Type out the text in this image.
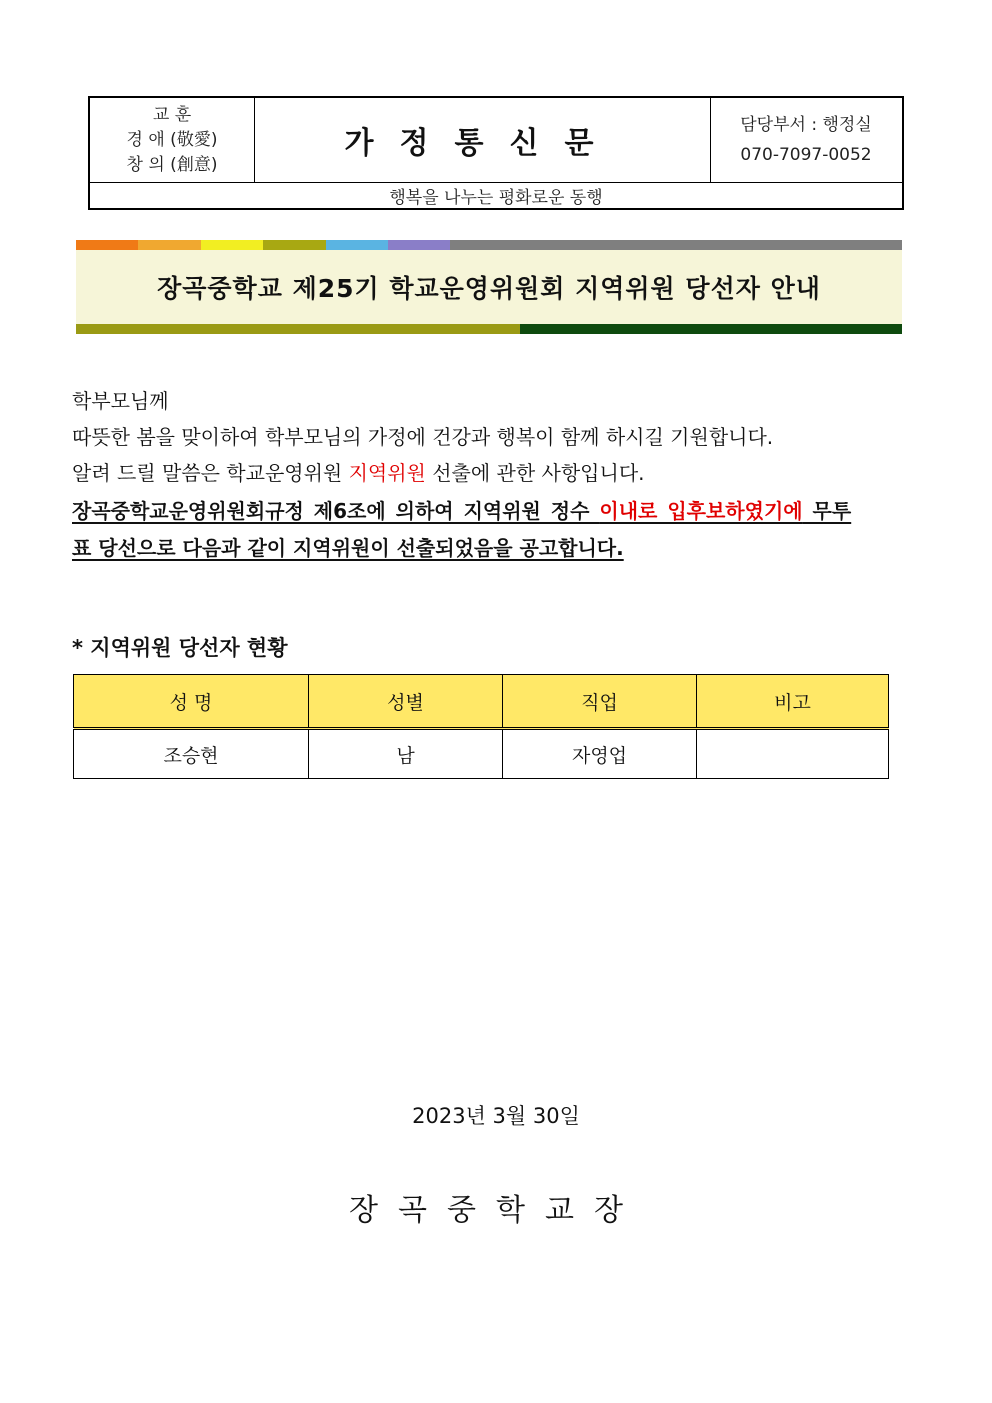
교 훈
경 애 (敬愛)
창 의 (創意)
가정통신문
담당부서 : 행정실
070-7097-0052
행복을 나누는 평화로운 동행
장곡중학교 제25기 학교운영위원회 지역위원 당선자 안내
학부모님께
따뜻한 봄을 맞이하여 학부모님의 가정에 건강과 행복이 함께 하시길 기원합니다.
알려 드릴 말씀은 학교운영위원 지역위원 선출에 관한 사항입니다.
장곡중학교운영위원회규정 제6조에 의하여 지역위원 정수 이내로 입후보하였기에 무투
표 당선으로 다음과 같이 지역위원이 선출되었음을 공고합니다.
* 지역위원 당선자 현황
성 명	성별	직업	비고
조승현	남	자영업	
2023년 3월 30일
장곡중학교장
